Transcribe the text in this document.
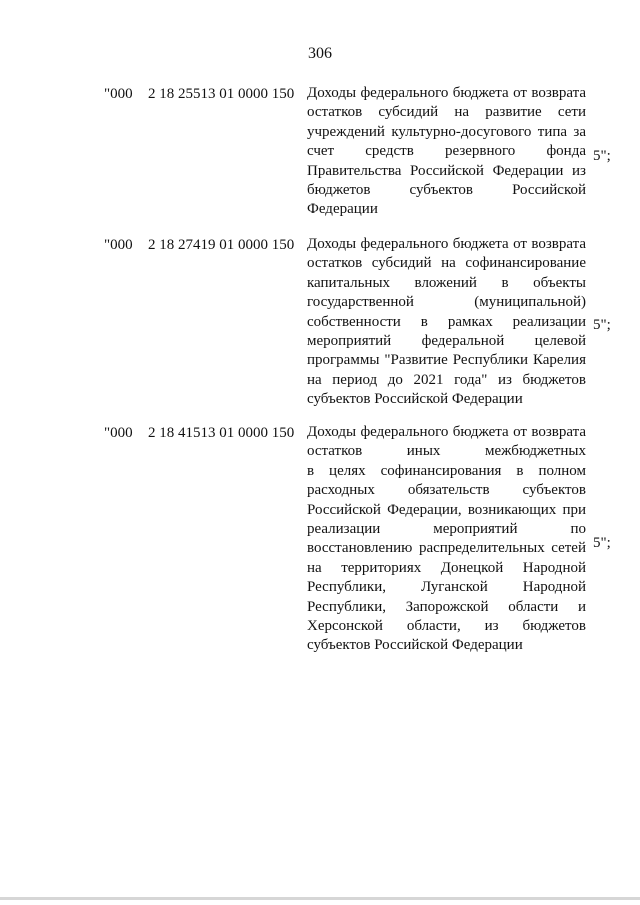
306
"000 2 18 25513 01 0000 150 Доходы федерального бюджета от возврата
остатков субсидий на развитие сети
учреждений культурно-досугового типа за
счет средств резервного фонда
Правительства Российской Федерации из
бюджетов субъектов Российской
Федерации
5";
"000 2 18 27419 01 0000 150 Доходы федерального бюджета от возврата
остатков субсидий на софинансирование
капитальных вложений в объекты
государственной (муниципальной)
собственности в рамках реализации
мероприятий федеральной целевой
программы "Развитие Республики Карелия
на период до 2021 года" из бюджетов
субъектов Российской Федерации
5";
"000 2 18 41513 01 0000 150 Доходы федерального бюджета от возврата
остатков иных межбюджетных
в целях софинансирования в полном
расходных обязательств субъектов
Российской Федерации, возникающих при
реализации мероприятий по
восстановлению распределительных сетей
на территориях Донецкой Народной
Республики, Луганской Народной
Республики, Запорожской области и
Херсонской области, из бюджетов
субъектов Российской Федерации
5";
